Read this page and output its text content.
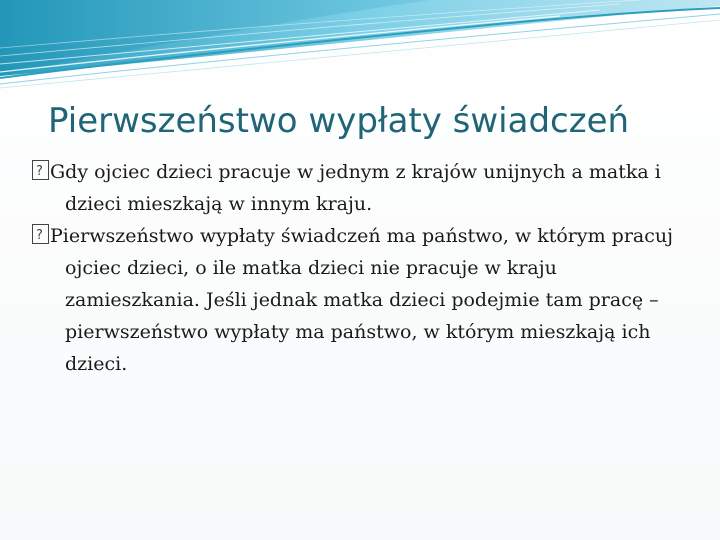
Pierwszeństwo wypłaty świadczeń
?Gdy ojciec dzieci pracuje w jednym z krajów unijnych a matka i dzieci mieszkają w innym kraju.
?Pierwszeństwo wypłaty świadczeń ma państwo, w którym pracuj ojciec dzieci, o ile matka dzieci nie pracuje w kraju zamieszkania. Jeśli jednak matka dzieci podejmie tam pracę – pierwszeństwo wypłaty ma państwo, w którym mieszkają ich dzieci.
